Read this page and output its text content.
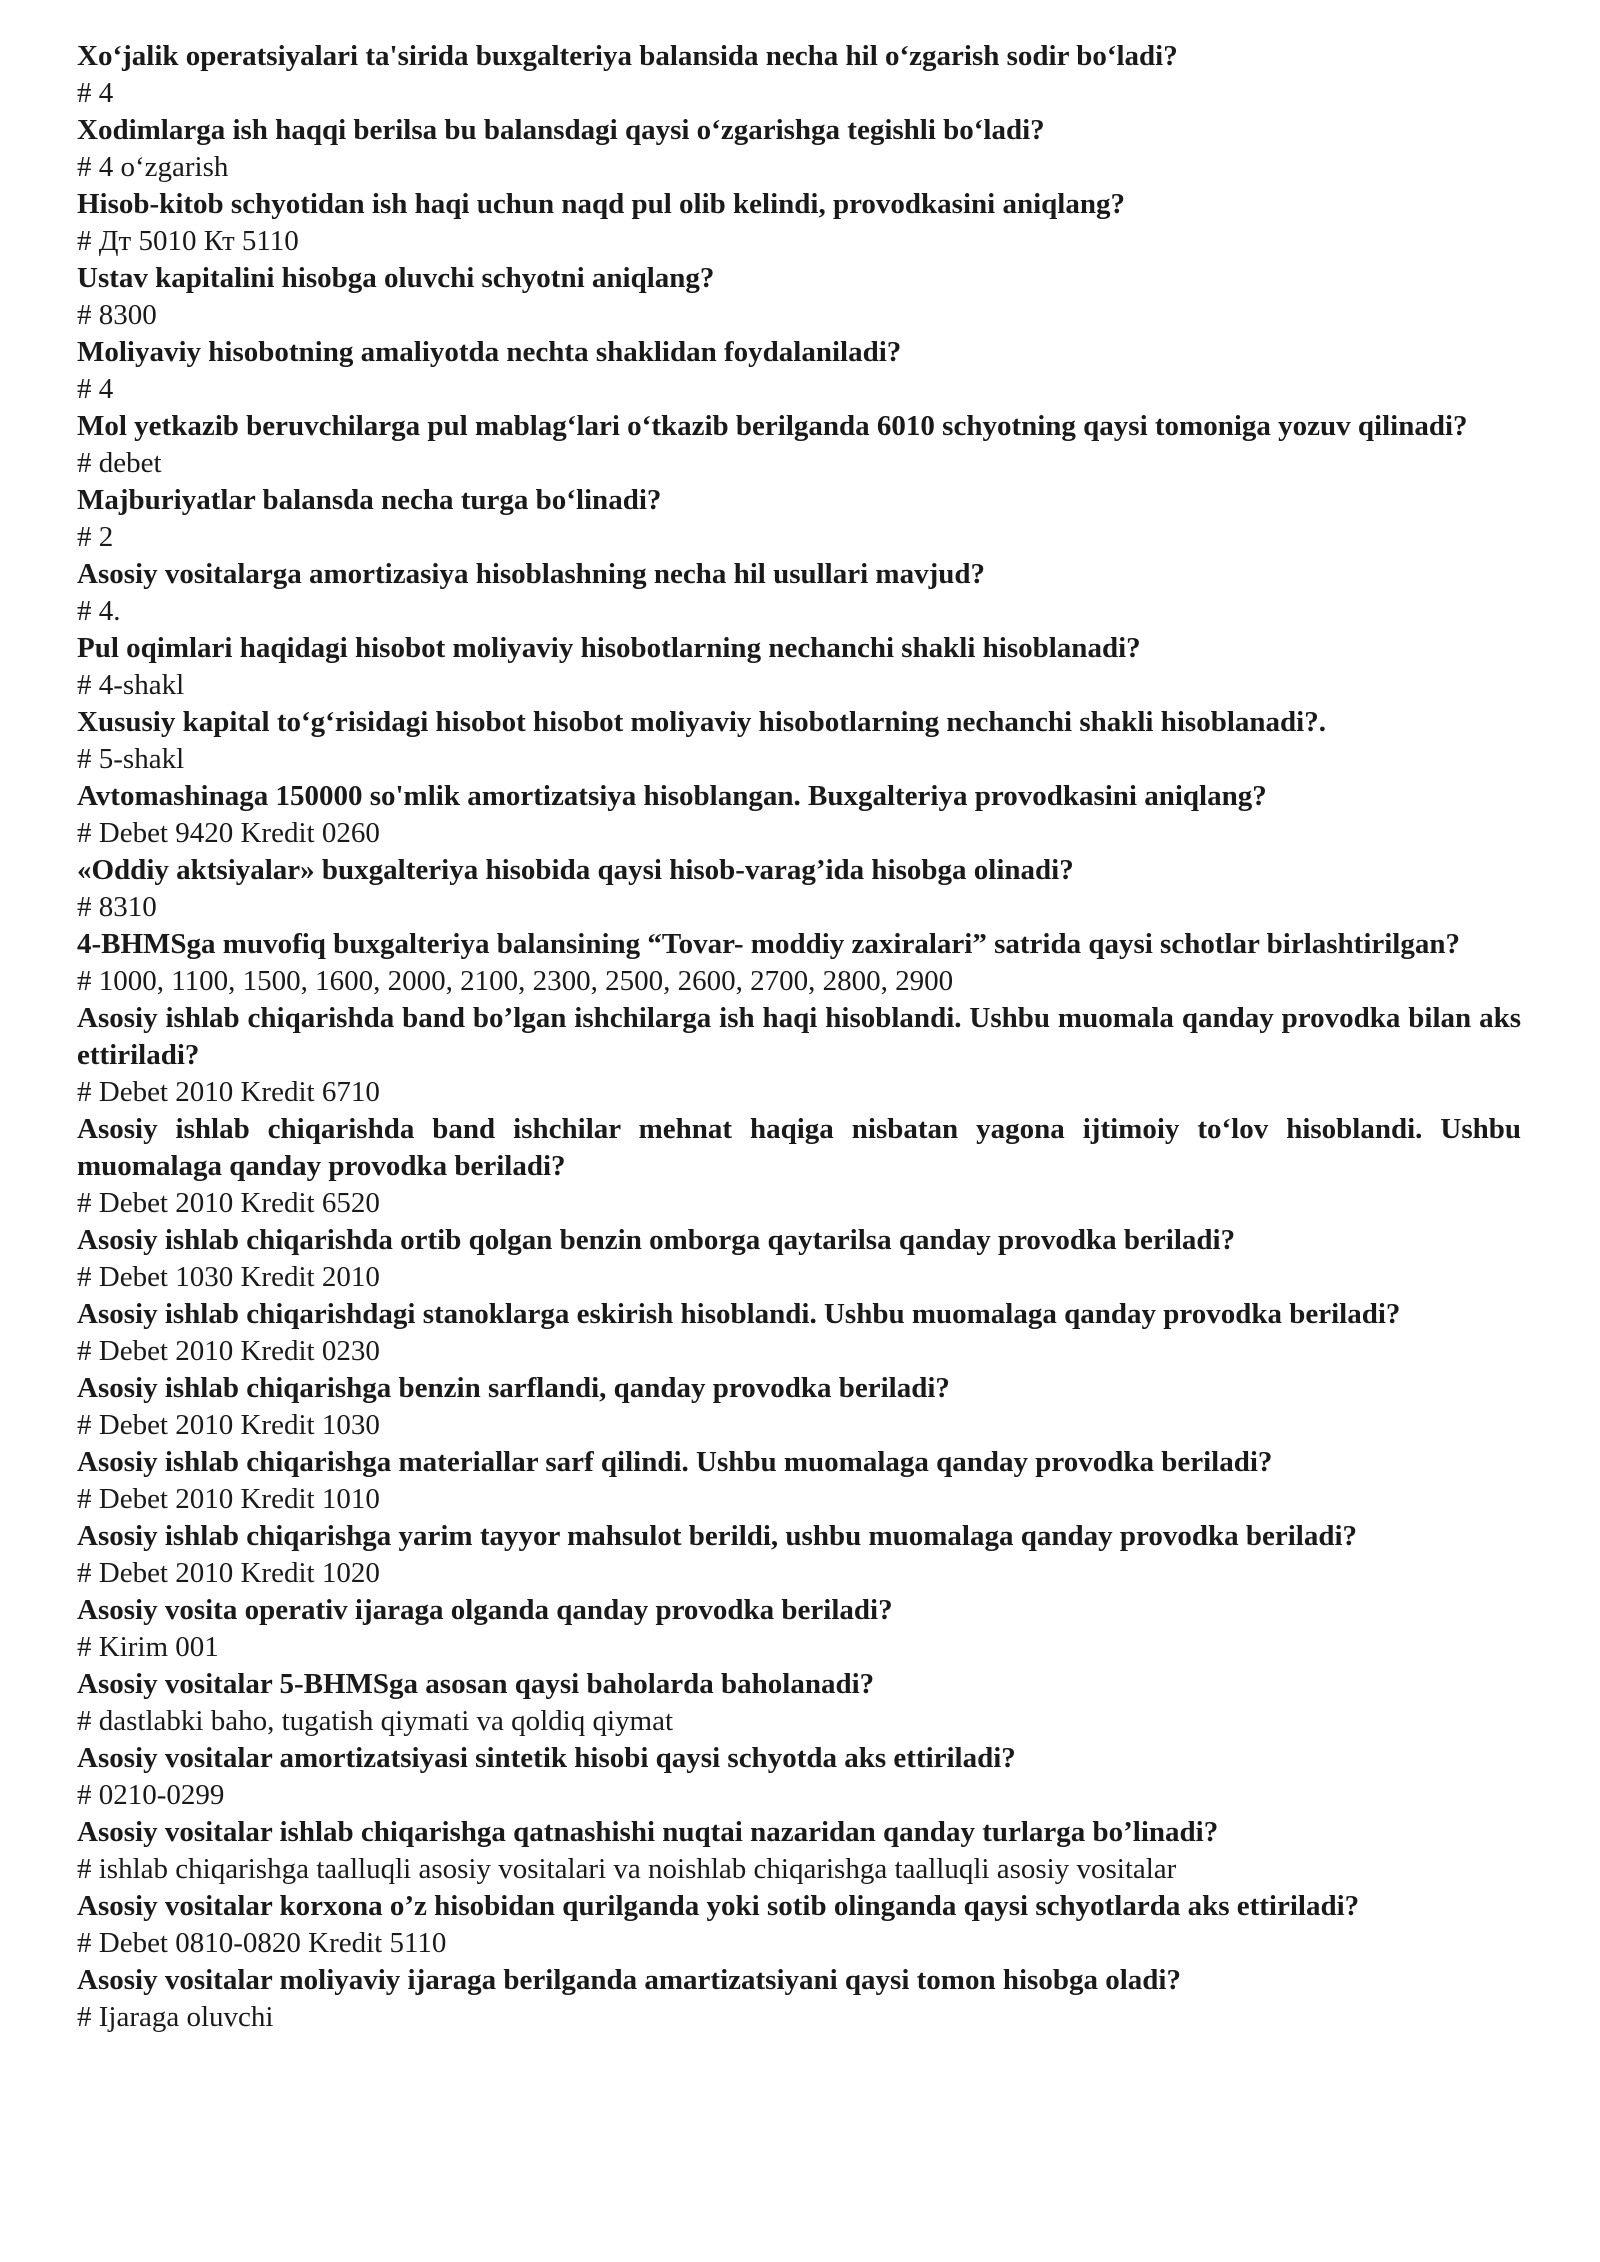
Xo‘jalik operatsiyalari ta'sirida buxgalteriya balansida necha hil o‘zgarish sodir bo‘ladi?

# 4

Xodimlarga ish haqqi berilsa bu balansdagi qaysi o‘zgarishga tegishli bo‘ladi?

# 4 o‘zgarish

Hisob-kitob schyotidan ish haqi uchun naqd pul olib kelindi, provodkasini aniqlang?

# Дт 5010 Кт 5110

Ustav kapitalini hisobga oluvchi schyotni aniqlang?

# 8300

Moliyaviy hisobotning amaliyotda nechta shaklidan foydalaniladi?

# 4

Mol yetkazib beruvchilarga pul mablag‘lari o‘tkazib berilganda 6010 schyotning qaysi tomoniga yozuv qilinadi?

# debet

Majburiyatlar balansda necha turga bo‘linadi?

# 2

Asosiy vositalarga amortizasiya hisoblashning necha hil usullari mavjud?

# 4.

Pul oqimlari haqidagi hisobot moliyaviy hisobotlarning nechanchi shakli hisoblanadi?

# 4-shakl

Xususiy kapital to‘g‘risidagi hisobot hisobot moliyaviy hisobotlarning nechanchi shakli hisoblanadi?.

# 5-shakl

Avtomashinaga 150000 so'mlik amortizatsiya hisoblangan. Buxgalteriya provodkasini aniqlang?

# Debet 9420 Kredit 0260

«Oddiy aktsiyalar» buxgalteriya hisobida qaysi hisob-varag’ida hisobga olinadi?

# 8310

4-BHMSga muvofiq buxgalteriya balansining “Tovar- moddiy zaxiralari” satrida qaysi schotlar birlashtirilgan?

# 1000, 1100, 1500, 1600, 2000, 2100, 2300, 2500, 2600, 2700, 2800, 2900

Asosiy ishlab chiqarishda band bo’lgan ishchilarga ish haqi hisoblandi. Ushbu muomala qanday provodka bilan aks ettiriladi?

# Debet 2010 Kredit 6710

Asosiy ishlab chiqarishda band ishchilar mehnat haqiga nisbatan yagona ijtimoiy to‘lov hisoblandi. Ushbu muomalaga qanday provodka beriladi?

# Debet 2010 Kredit 6520

Asosiy ishlab chiqarishda ortib qolgan benzin omborga qaytarilsa qanday provodka beriladi?

# Debet 1030 Kredit 2010

Asosiy ishlab chiqarishdagi stanoklarga eskirish hisoblandi. Ushbu muomalaga qanday provodka beriladi?

# Debet 2010 Kredit 0230

Asosiy ishlab chiqarishga benzin sarflandi, qanday provodka beriladi?

# Debet 2010 Kredit 1030

Asosiy ishlab chiqarishga materiallar sarf qilindi. Ushbu muomalaga qanday provodka beriladi?

# Debet 2010 Kredit 1010

Asosiy ishlab chiqarishga yarim tayyor mahsulot berildi, ushbu muomalaga qanday provodka beriladi?

# Debet 2010 Kredit 1020

Asosiy vosita operativ ijaraga olganda qanday provodka beriladi?

# Kirim 001

Asosiy vositalar 5-BHMSga asosan qaysi baholarda baholanadi?

# dastlabki baho, tugatish qiymati va qoldiq qiymat

Asosiy vositalar amortizatsiyasi sintetik hisobi qaysi schyotda aks ettiriladi?

# 0210-0299

Asosiy vositalar ishlab chiqarishga qatnashishi nuqtai nazaridan qanday turlarga bo’linadi?

# ishlab chiqarishga taalluqli asosiy vositalari va noishlab chiqarishga taalluqli asosiy vositalar

Asosiy vositalar korxona o’z hisobidan qurilganda yoki sotib olinganda qaysi schyotlarda aks ettiriladi?

# Debet 0810-0820 Kredit 5110

Asosiy vositalar moliyaviy ijaraga berilganda amartizatsiyani qaysi tomon hisobga oladi?

# Ijaraga oluvchi
